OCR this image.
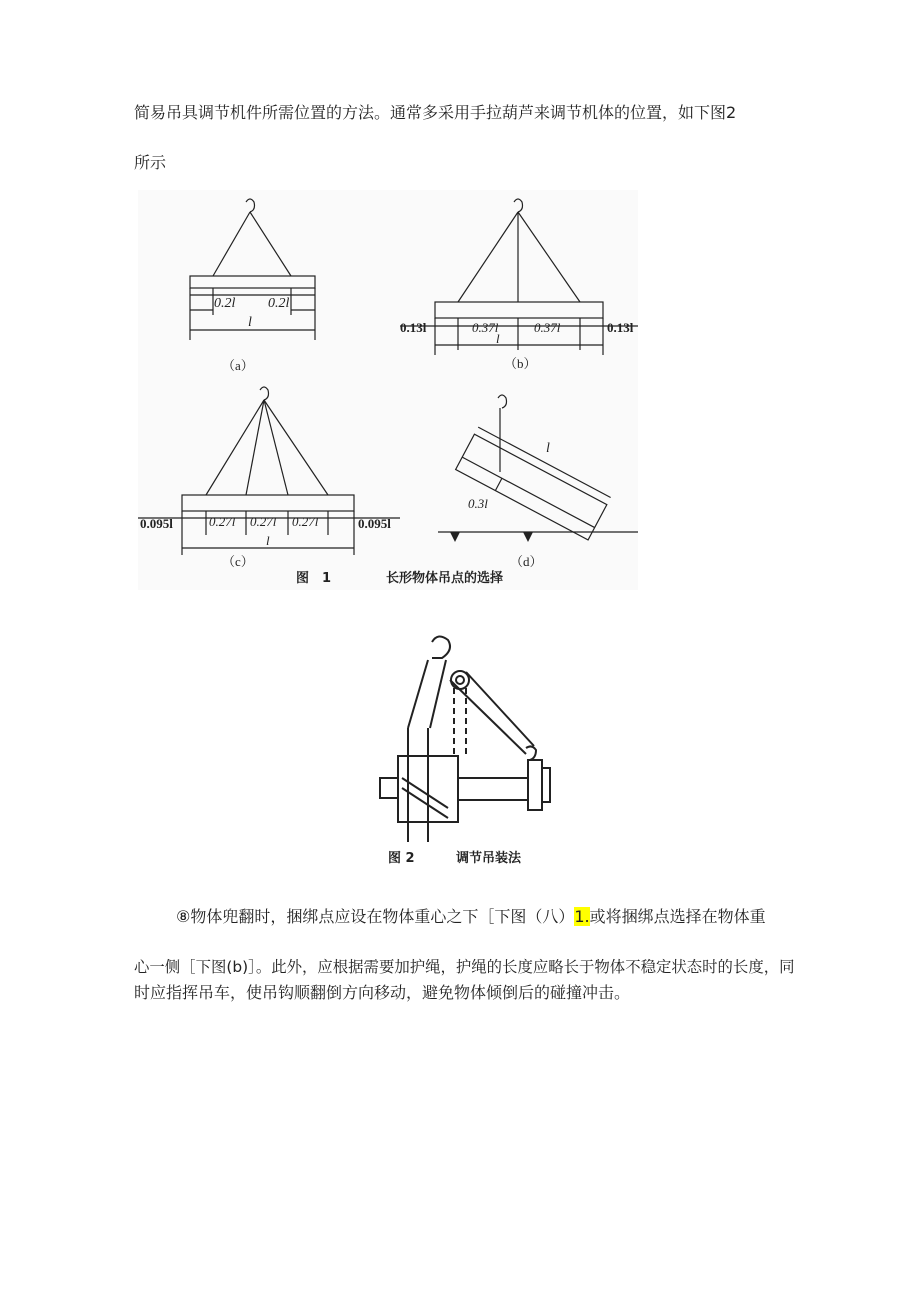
简易吊具调节机件所需位置的方法。通常多采用手拉葫芦来调节机体的位置，如下图2
所示
0.2l 0.2l
l
（a）
0.13l	0.37l	0.37l	0.13l
l
（b）
0.095l	0.27l 0.27l 0.27l	0.095l
l
（c）
l
0.3l
（d）
图　1	长形物体吊点的选择
图 2	调节吊装法
⑧物体兜翻时，捆绑点应设在物体重心之下［下图（八）1.或将捆绑点选择在物体重
心一侧［下图(b)］。此外，应根据需要加护绳，护绳的长度应略长于物体不稳定状态时的长度，同
时应指挥吊车，使吊钩顺翻倒方向移动，避免物体倾倒后的碰撞冲击。
